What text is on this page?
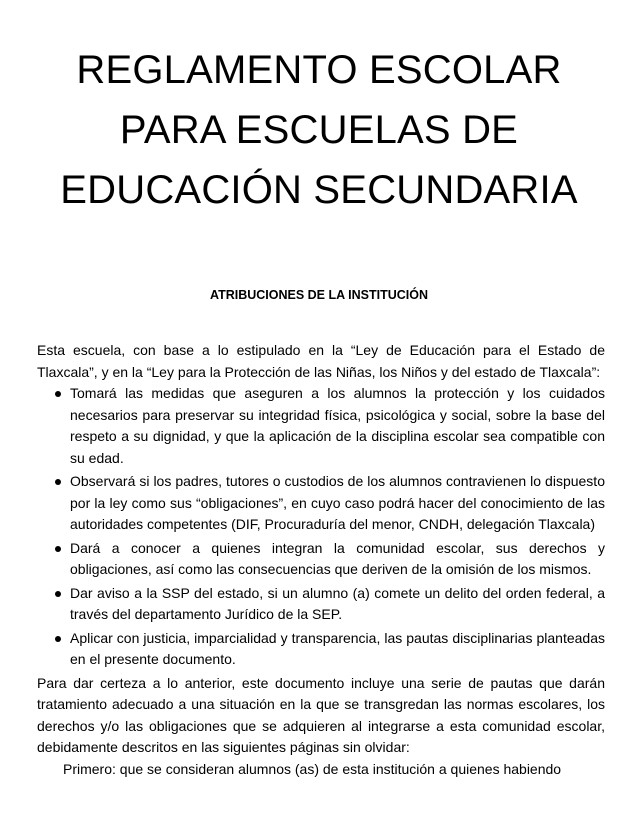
REGLAMENTO ESCOLAR
PARA ESCUELAS DE
EDUCACIÓN SECUNDARIA
ATRIBUCIONES DE LA INSTITUCIÓN

Esta escuela, con base a lo estipulado en la “Ley de Educación para el Estado de Tlaxcala”, y en la “Ley para la Protección de las Niñas, los Niños y del estado de Tlaxcala”:

Tomará las medidas que aseguren a los alumnos la protección y los cuidados necesarios para preservar su integridad física, psicológica y social, sobre la base del respeto a su dignidad, y que la aplicación de la disciplina escolar sea compatible con su edad.
Observará si los padres, tutores o custodios de los alumnos contravienen lo dispuesto por la ley como sus “obligaciones”, en cuyo caso podrá hacer del conocimiento de las autoridades competentes (DIF, Procuraduría del menor, CNDH, delegación Tlaxcala)
Dará a conocer a quienes integran la comunidad escolar, sus derechos y obligaciones, así como las consecuencias que deriven de la omisión de los mismos.
Dar aviso a la SSP del estado, si un alumno (a) comete un delito del orden federal, a través del departamento Jurídico de la SEP.
Aplicar con justicia, imparcialidad y transparencia, las pautas disciplinarias planteadas en el presente documento.

Para dar certeza a lo anterior, este documento incluye una serie de pautas que darán tratamiento adecuado a una situación en la que se transgredan las normas escolares, los derechos y/o las obligaciones que se adquieren al integrarse a esta comunidad escolar, debidamente descritos en las siguientes páginas sin olvidar:

Primero: que se consideran alumnos (as) de esta institución a quienes habiendo
